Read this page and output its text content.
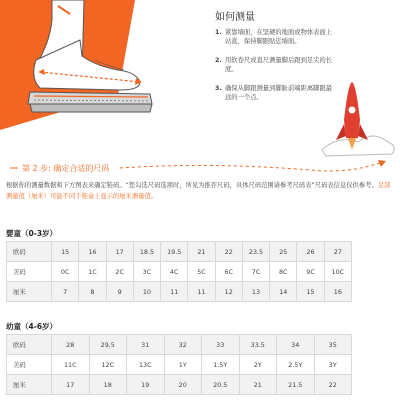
如何测量
1. 紧靠墙面，在坚硬的地面或物体表面上站直，保持脚跟贴近墙面。
2. 用软卷尺或直尺测量脚后跟到足尖的长度。
3. 确保从脚跟测量到脚趾前端距离脚跟最远的一个点。
第 2 步: 确定合适的尺码
根据你的测量数据和下方图表来确定鞋码。“您勾选尺码选项时，所见为推荐尺码，具体尺码范围请参考尺码表”尺码表信息仅供参考。足部测量值（厘米）可能不同于鞋盒上显示的厘米测量值。
婴童（0-3岁）
欧码	15	16	17	18.5	19.5	21	22	23.5	25	26	27
美码	0C	1C	2C	3C	4C	5C	6C	7C	8C	9C	10C
厘米	7	8	9	10	11	11	12	13	14	15	16
幼童（4-6岁）
欧码	28	29.5	31	32	33	33.5	34	35
美码	11C	12C	13C	1Y	1.5Y	2Y	2.5Y	3Y
厘米	17	18	19	20	20.5	21	21.5	22
